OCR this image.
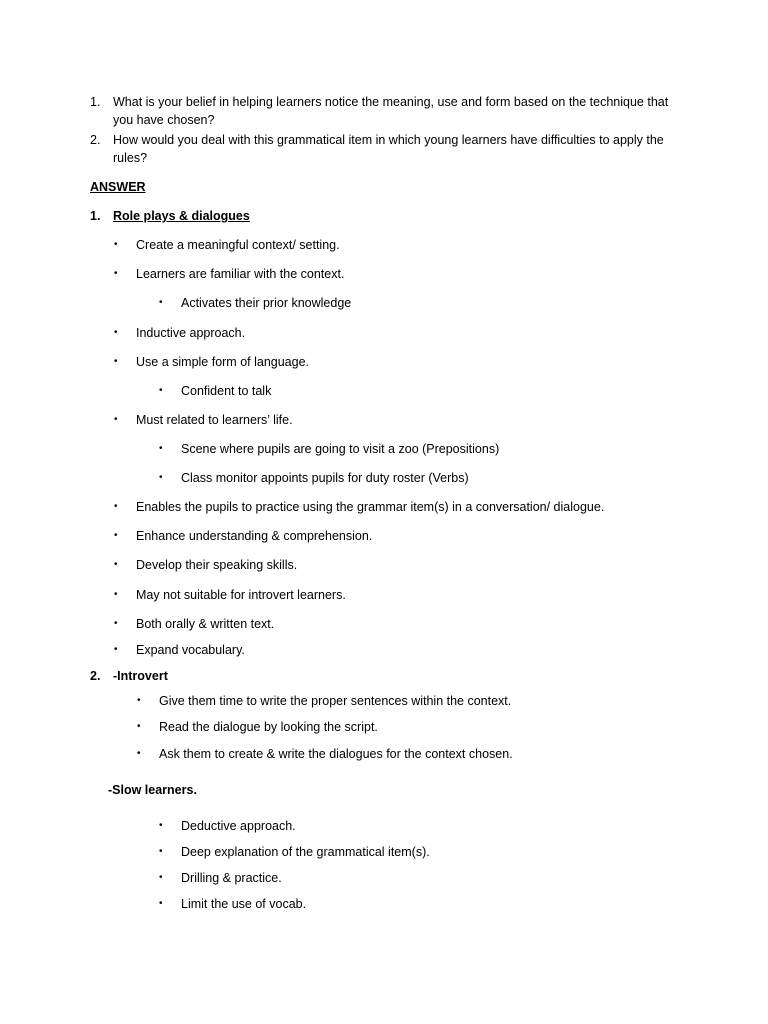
1. What is your belief in helping learners notice the meaning, use and form based on the technique that you have chosen?
2. How would you deal with this grammatical item in which young learners have difficulties to apply the rules?
ANSWER
1. Role plays & dialogues
• Create a meaningful context/ setting.
• Learners are familiar with the context.
• Activates their prior knowledge
• Inductive approach.
• Use a simple form of language.
• Confident to talk
• Must related to learners’ life.
• Scene where pupils are going to visit a zoo (Prepositions)
• Class monitor appoints pupils for duty roster (Verbs)
• Enables the pupils to practice using the grammar item(s) in a conversation/ dialogue.
• Enhance understanding & comprehension.
• Develop their speaking skills.
• May not suitable for introvert learners.
• Both orally & written text.
• Expand vocabulary.
2. -Introvert
• Give them time to write the proper sentences within the context.
• Read the dialogue by looking the script.
• Ask them to create & write the dialogues for the context chosen.
-Slow learners.
• Deductive approach.
• Deep explanation of the grammatical item(s).
• Drilling & practice.
• Limit the use of vocab.
